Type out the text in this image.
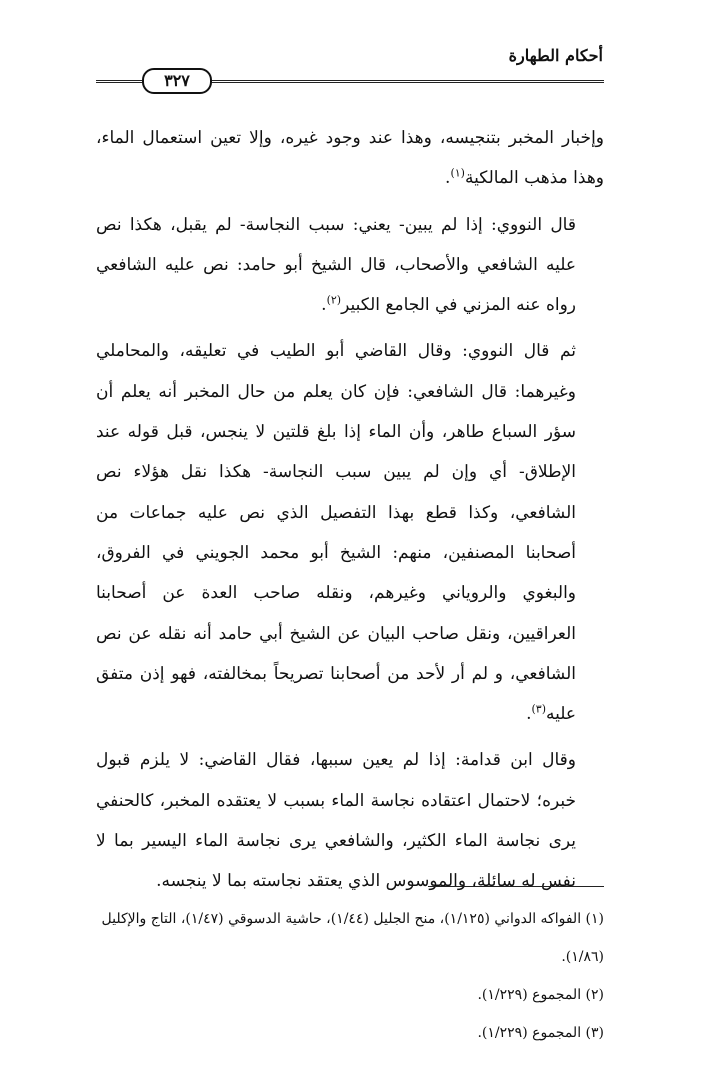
أحكام الطهارة
٣٢٧

وإخبار المخبر بتنجيسه، وهذا عند وجود غيره، وإلا تعين استعمال الماء، وهذا مذهب المالكية$^{(١)}$.

قال النووي: إذا لم يبين- يعني: سبب النجاسة- لم يقبل، هكذا نص عليه الشافعي والأصحاب، قال الشيخ أبو حامد: نص عليه الشافعي رواه عنه المزني في الجامع الكبير$^{(٢)}$.

ثم قال النووي: وقال القاضي أبو الطيب في تعليقه، والمحاملي وغيرهما: قال الشافعي: فإن كان يعلم من حال المخبر أنه يعلم أن سؤر السباع طاهر، وأن الماء إذا بلغ قلتين لا ينجس، قبل قوله عند الإطلاق- أي وإن لم يبين سبب النجاسة- هكذا نقل هؤلاء نص الشافعي، وكذا قطع بهذا التفصيل الذي نص عليه جماعات من أصحابنا المصنفين، منهم: الشيخ أبو محمد الجويني في الفروق، والبغوي والروياني وغيرهم، ونقله صاحب العدة عن أصحابنا العراقيين، ونقل صاحب البيان عن الشيخ أبي حامد أنه نقله عن نص الشافعي، و لم أر لأحد من أصحابنا تصريحاً بمخالفته، فهو إذن متفق عليه$^{(٣)}$.

وقال ابن قدامة: إذا لم يعين سببها، فقال القاضي: لا يلزم قبول خبره؛ لاحتمال اعتقاده نجاسة الماء بسبب لا يعتقده المخبر، كالحنفي يرى نجاسة الماء الكثير، والشافعي يرى نجاسة الماء اليسير بما لا نفس له سائلة، والموسوس الذي يعتقد نجاسته بما لا ينجسه.

(١) الفواكه الدواني (١/١٢٥)، منح الجليل (١/٤٤)، حاشية الدسوقي (١/٤٧)، التاج والإكليل (١/٨٦).

(٢) المجموع (١/٢٢٩).

(٣) المجموع (١/٢٢٩).
